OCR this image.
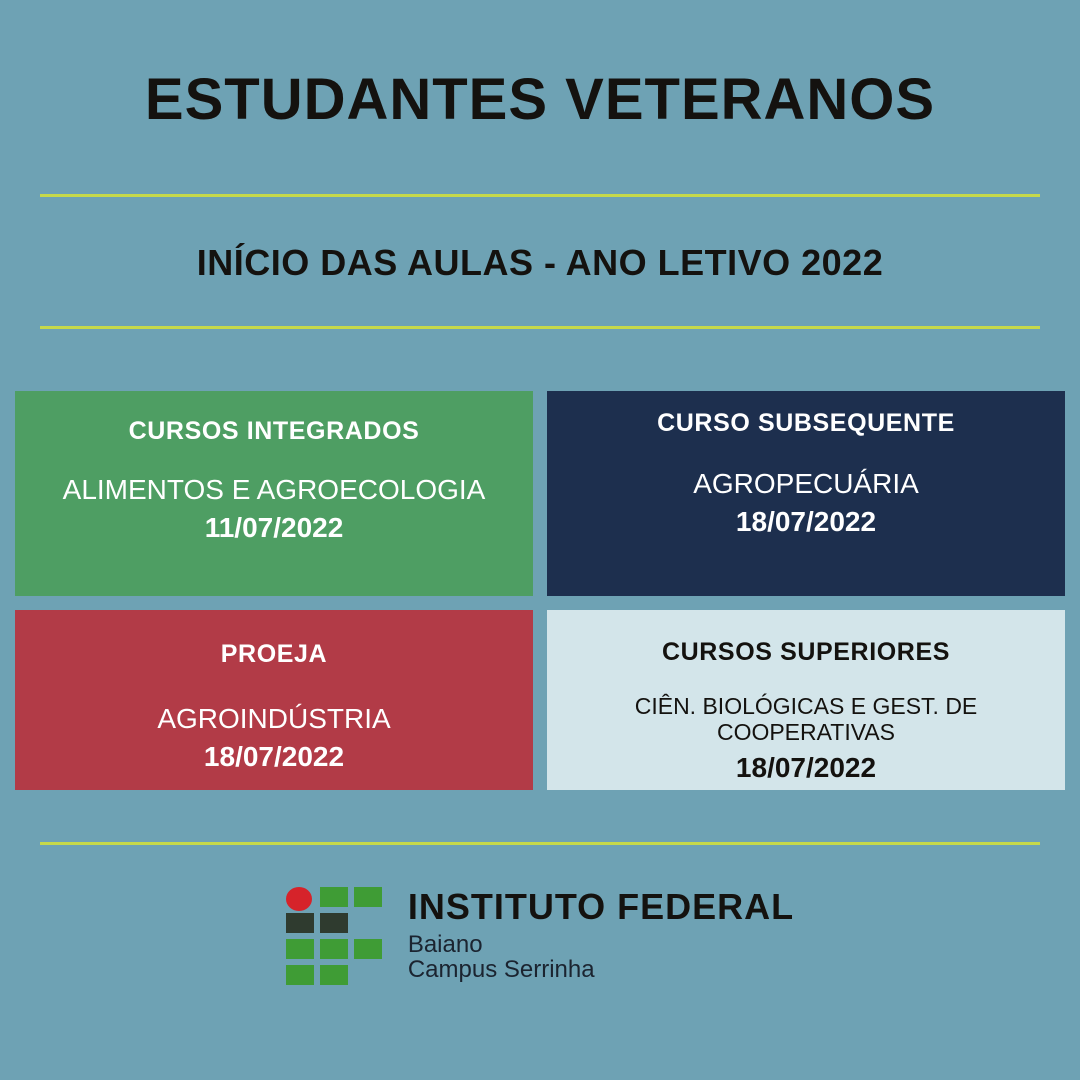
ESTUDANTES VETERANOS
INÍCIO DAS AULAS - ANO LETIVO 2022
CURSOS INTEGRADOS
ALIMENTOS E AGROECOLOGIA
11/07/2022
CURSO SUBSEQUENTE
AGROPECUÁRIA
18/07/2022
PROEJA
AGROINDÚSTRIA
18/07/2022
CURSOS SUPERIORES
CIÊN. BIOLÓGICAS E GEST. DE COOPERATIVAS
18/07/2022
INSTITUTO FEDERAL
Baiano
Campus Serrinha
